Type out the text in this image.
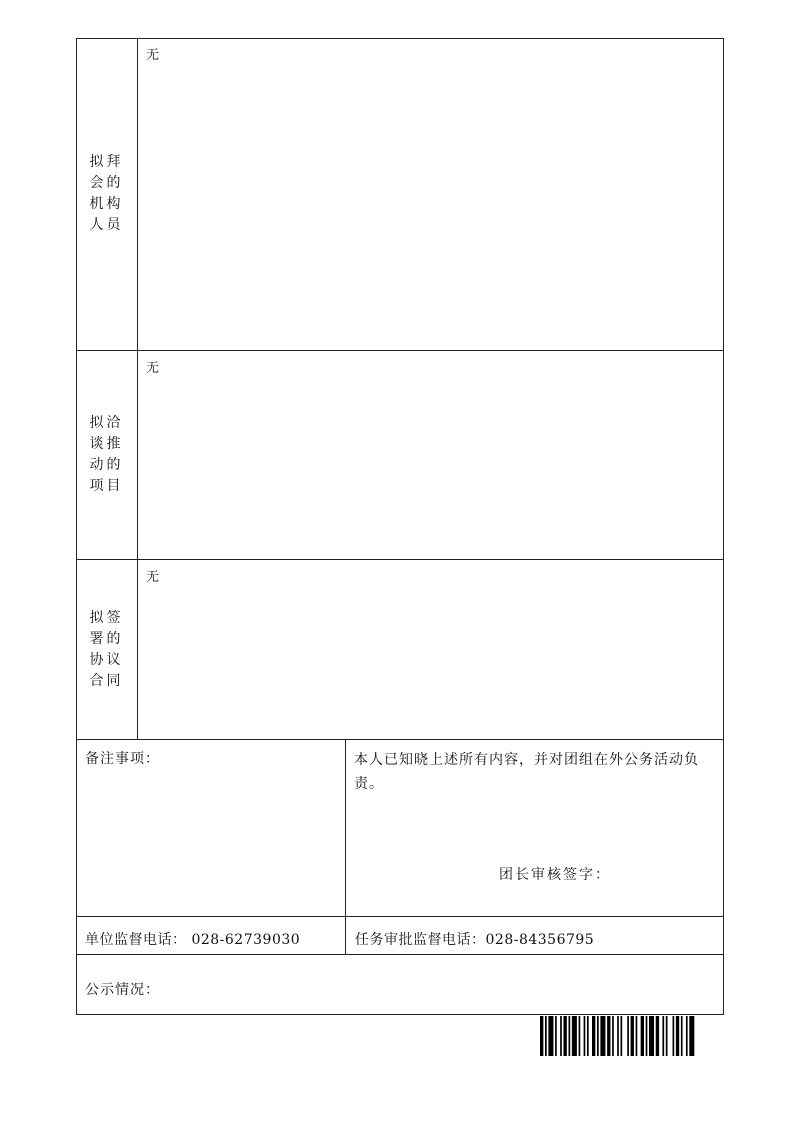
拟拜
会的
机构
人员
无
拟洽
谈推
动的
项目
无
拟签
署的
协议
合同
无
备注事项：	本人已知晓上述所有内容，并对团组在外公务活动负责。
团长审核签字：
单位监督电话： 028-62739030	任务审批监督电话：028-84356795
公示情况：
